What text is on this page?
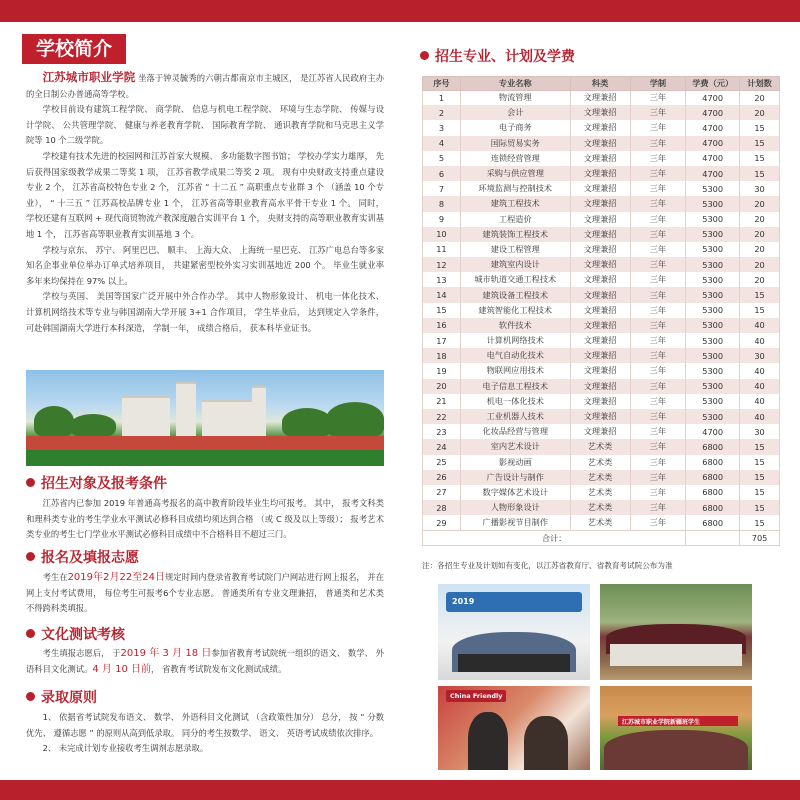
学校简介

江苏城市职业学院 坐落于钟灵毓秀的六朝古都南京市主城区， 是江苏省人民政府主办的全日制公办普通高等学校。

学校目前设有建筑工程学院、 商学院、 信息与机电工程学院、 环境与生态学院、 传媒与设计学院、 公共管理学院、 健康与养老教育学院、 国际教育学院、 通识教育学院和马克思主义学院等 10 个二级学院。

学校建有技术先进的校园网和江苏首家大规模、 多功能数字图书馆； 学校办学实力雄厚， 先后获得国家级教学成果二等奖 1 项， 江苏省教学成果二等奖 2 项。 现有中央财政支持重点建设专业 2 个， 江苏省高校特色专业 2 个， 江苏省 “ 十二五 ” 高职重点专业群 3 个 （涵盖 10 个专业）， “ 十三五 ” 江苏高校品牌专业 1 个， 江苏省高等职业教育高水平骨干专业 1 个。 同时， 学校还建有互联网 + 现代商贸物流产教深度融合实训平台 1 个， 央财支持的高等职业教育实训基地 1 个， 江苏省高等职业教育实训基地 3 个。

学校与京东、 苏宁、 阿里巴巴、 顺丰、 上海大众、 上海统一星巴克、 江苏广电总台等多家知名企事业单位举办订单式培养项目， 共建紧密型校外实习实训基地近 200 个。 毕业生就业率多年来均保持在 97% 以上。

学校与英国、 美国等国家广泛开展中外合作办学。 其中人物形象设计、 机电一体化技术、 计算机网络技术等专业与韩国湖南大学开展 3+1 合作项目， 学生毕业后， 达到规定入学条件， 可赴韩国湖南大学进行本科深造， 学制一年， 成绩合格后， 获本科毕业证书。

招生对象及报考条件

江苏省内已参加 2019 年普通高考报名的高中教育阶段毕业生均可报考。 其中， 报考文科类和理科类专业的考生学业水平测试必修科目成绩均须达到合格 （或 C 级及以上等级）； 报考艺术类专业的考生七门学业水平测试必修科目成绩中不合格科目不超过三门。

报名及填报志愿

考生在2019年2月22至24日规定时间内登录省教育考试院门户网站进行网上报名， 并在网上支付考试费用， 每位考生可报考6个专业志愿。 普通类所有专业文理兼招， 普通类和艺术类不得跨科类填报。

文化测试考核

考生填报志愿后， 于2019 年 3 月 18 日参加省教育考试院统一组织的语文、 数学、 外语科目文化测试。4 月 10 日前， 省教育考试院发布文化测试成绩。

录取原则

1、 依据省考试院发布语文、 数学、 外语科目文化测试 （含政策性加分） 总分， 按 “ 分数优先、 遵循志愿 ” 的原则从高到低录取。 同分的考生按数学、 语文、 英语考试成绩依次排序。

2、 未完成计划专业接收考生调剂志愿录取。

招生专业、计划及学费
序号	专业名称	科类	学制	学费（元）	计划数
1	物流管理	文理兼招	三年	4700	20
2	会计	文理兼招	三年	4700	20
3	电子商务	文理兼招	三年	4700	15
4	国际贸易实务	文理兼招	三年	4700	15
5	连锁经营管理	文理兼招	三年	4700	15
6	采购与供应管理	文理兼招	三年	4700	15
7	环境监测与控制技术	文理兼招	三年	5300	30
8	建筑工程技术	文理兼招	三年	5300	20
9	工程造价	文理兼招	三年	5300	20
10	建筑装饰工程技术	文理兼招	三年	5300	20
11	建设工程管理	文理兼招	三年	5300	20
12	建筑室内设计	文理兼招	三年	5300	20
13	城市轨道交通工程技术	文理兼招	三年	5300	20
14	建筑设备工程技术	文理兼招	三年	5300	15
15	建筑智能化工程技术	文理兼招	三年	5300	15
16	软件技术	文理兼招	三年	5300	40
17	计算机网络技术	文理兼招	三年	5300	40
18	电气自动化技术	文理兼招	三年	5300	30
19	物联网应用技术	文理兼招	三年	5300	40
20	电子信息工程技术	文理兼招	三年	5300	40
21	机电一体化技术	文理兼招	三年	5300	40
22	工业机器人技术	文理兼招	三年	5300	40
23	化妆品经营与管理	文理兼招	三年	4700	30
24	室内艺术设计	艺术类	三年	6800	15
25	影视动画	艺术类	三年	6800	15
26	广告设计与制作	艺术类	三年	6800	15
27	数字媒体艺术设计	艺术类	三年	6800	15
28	人物形象设计	艺术类	三年	6800	15
29	广播影视节目制作	艺术类	三年	6800	15
合计：					705
注：各招生专业及计划如有变化，以江苏省教育厅、省教育考试院公布为准
2019
China Friendly
江苏城市职业学院新疆班学生
